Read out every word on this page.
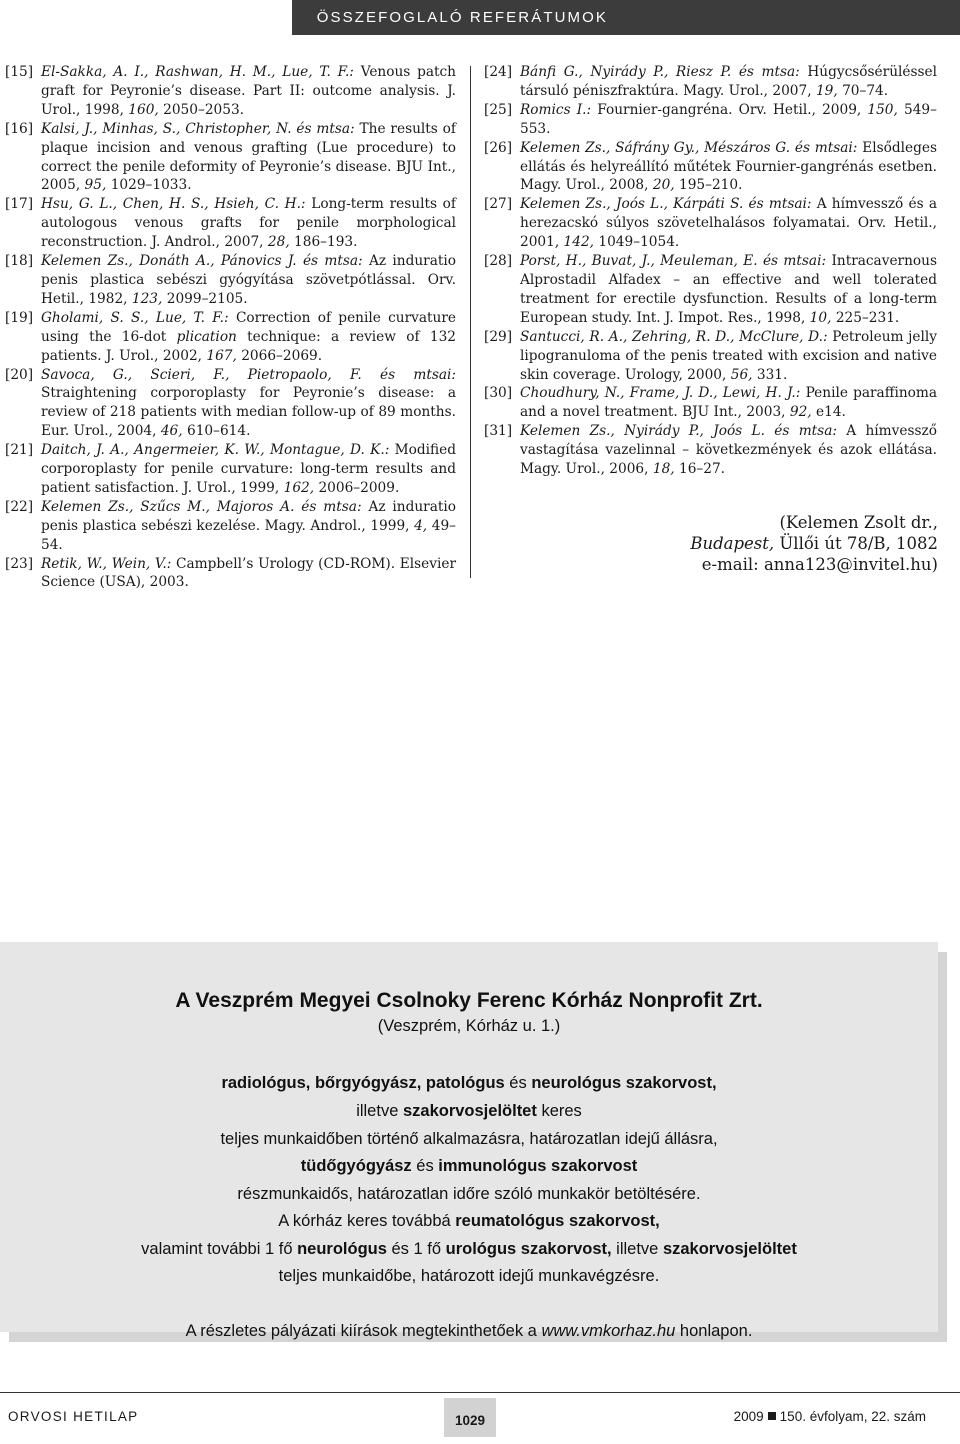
ÖSSZEFOGLALÓ REFERÁTUMOK
[15] El-Sakka, A. I., Rashwan, H. M., Lue, T. F.: Venous patch graft for Peyronie’s disease. Part II: outcome analysis. J. Urol., 1998, 160, 2050–2053.
[16] Kalsi, J., Minhas, S., Christopher, N. és mtsa: The results of plaque incision and venous grafting (Lue procedure) to correct the penile deformity of Peyronie’s disease. BJU Int., 2005, 95, 1029–1033.
[17] Hsu, G. L., Chen, H. S., Hsieh, C. H.: Long-term results of autologous venous grafts for penile morphological reconstruction. J. Androl., 2007, 28, 186–193.
[18] Kelemen Zs., Donáth A., Pánovics J. és mtsa: Az induratio penis plastica sebészi gyógyítása szövetpótlással. Orv. Hetil., 1982, 123, 2099–2105.
[19] Gholami, S. S., Lue, T. F.: Correction of penile curvature using the 16-dot plication technique: a review of 132 patients. J. Urol., 2002, 167, 2066–2069.
[20] Savoca, G., Scieri, F., Pietropaolo, F. és mtsai: Straightening corporoplasty for Peyronie’s disease: a review of 218 patients with median follow-up of 89 months. Eur. Urol., 2004, 46, 610–614.
[21] Daitch, J. A., Angermeier, K. W., Montague, D. K.: Modified corporoplasty for penile curvature: long-term results and patient satisfaction. J. Urol., 1999, 162, 2006–2009.
[22] Kelemen Zs., Szűcs M., Majoros A. és mtsa: Az induratio penis plastica sebészi kezelése. Magy. Androl., 1999, 4, 49–54.
[23] Retik, W., Wein, V.: Campbell’s Urology (CD-ROM). Elsevier Science (USA), 2003.
[24] Bánfi G., Nyirády P., Riesz P. és mtsa: Húgycsősérüléssel társuló péniszfraktúra. Magy. Urol., 2007, 19, 70–74.
[25] Romics I.: Fournier-gangréna. Orv. Hetil., 2009, 150, 549–553.
[26] Kelemen Zs., Sáfrány Gy., Mészáros G. és mtsai: Elsődleges ellátás és helyreállító műtétek Fournier-gangrénás esetben. Magy. Urol., 2008, 20, 195–210.
[27] Kelemen Zs., Joós L., Kárpáti S. és mtsai: A hímvessző és a herezacskó súlyos szövetelhalásos folyamatai. Orv. Hetil., 2001, 142, 1049–1054.
[28] Porst, H., Buvat, J., Meuleman, E. és mtsai: Intracavernous Alprostadil Alfadex – an effective and well tolerated treatment for erectile dysfunction. Results of a long-term European study. Int. J. Impot. Res., 1998, 10, 225–231.
[29] Santucci, R. A., Zehring, R. D., McClure, D.: Petroleum jelly lipogranuloma of the penis treated with excision and native skin coverage. Urology, 2000, 56, 331.
[30] Choudhury, N., Frame, J. D., Lewi, H. J.: Penile paraffinoma and a novel treatment. BJU Int., 2003, 92, e14.
[31] Kelemen Zs., Nyirády P., Joós L. és mtsa: A hímvessző vastagítása vazelinnal – következmények és azok ellátása. Magy. Urol., 2006, 18, 16–27.
(Kelemen Zsolt dr.,
Budapest, Üllői út 78/B, 1082
e-mail: anna123@invitel.hu)
A Veszprém Megyei Csolnoky Ferenc Kórház Nonprofit Zrt.
(Veszprém, Kórház u. 1.)
radiológus, bőrgyógyász, patológus és neurológus szakorvost,
illetve szakorvosjelöltet keres
teljes munkaidőben történő alkalmazásra, határozatlan idejű állásra,
tüdőgyógyász és immunológus szakorvost
részmunkaidős, határozatlan időre szóló munkakör betöltésére.
A kórház keres továbbá reumatológus szakorvost,
valamint további 1 fő neurológus és 1 fő urológus szakorvost, illetve szakorvosjelöltet
teljes munkaidőbe, határozott idejű munkavégzésre.
A részletes pályázati kiírások megtekinthetőek a www.vmkorhaz.hu honlapon.
ORVOSI HETILAP	1029	2009 150. évfolyam, 22. szám
